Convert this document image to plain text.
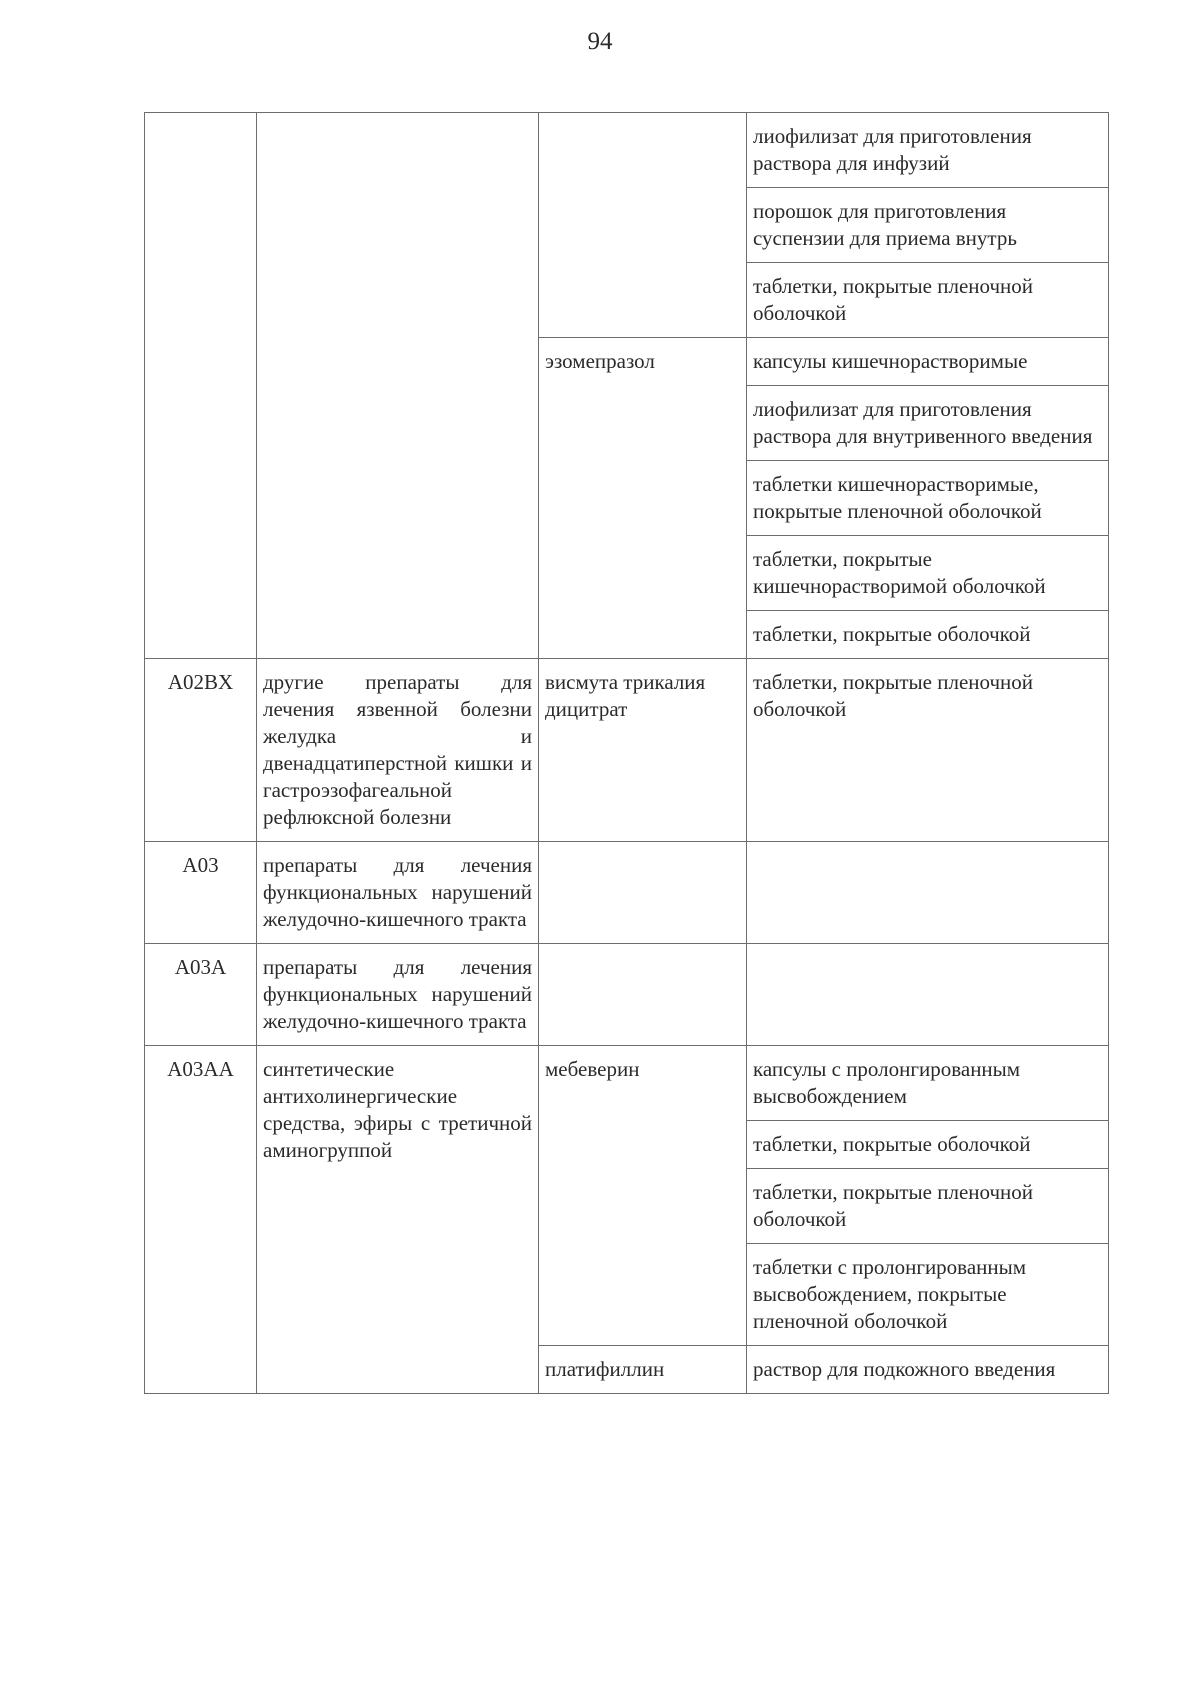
94
			лиофилизат для приготовления раствора для инфузий
			порошок для приготовления суспензии для приема внутрь
			таблетки, покрытые пленочной оболочкой
		эзомепразол	капсулы кишечнорастворимые
			лиофилизат для приготовления раствора для внутривенного введения
			таблетки кишечнорастворимые, покрытые пленочной оболочкой
			таблетки, покрытые кишечнорастворимой оболочкой
			таблетки, покрытые оболочкой
A02BX	другие препараты для лечения язвенной болезни желудка и двенадцатиперстной кишки и гастроэзофагеальной рефлюксной болезни	висмута трикалия дицитрат	таблетки, покрытые пленочной оболочкой
A03	препараты для лечения функциональных нарушений желудочно-кишечного тракта		
A03A	препараты для лечения функциональных нарушений желудочно-кишечного тракта		
A03AA	синтетические антихолинергические средства, эфиры с третичной аминогруппой	мебеверин	капсулы с пролонгированным высвобождением
			таблетки, покрытые оболочкой
			таблетки, покрытые пленочной оболочкой
			таблетки с пролонгированным высвобождением, покрытые пленочной оболочкой
		платифиллин	раствор для подкожного введения
